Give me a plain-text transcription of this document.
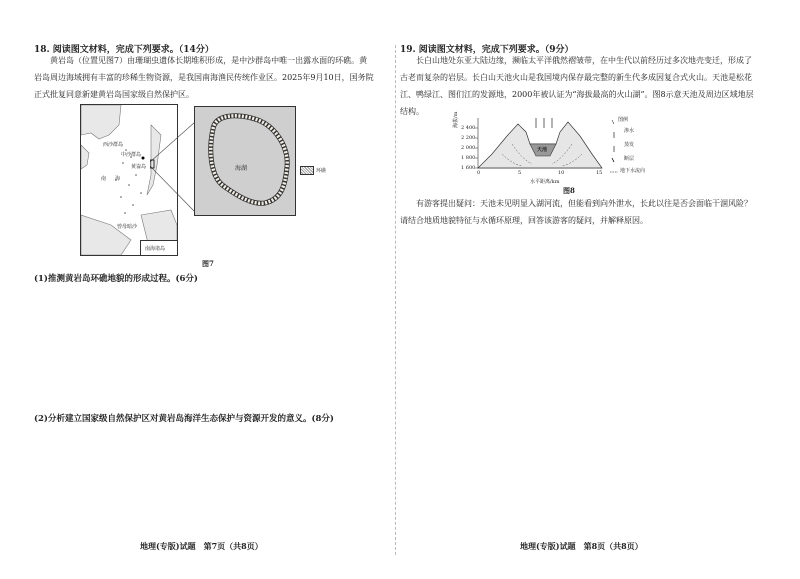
18. 阅读图文材料，完成下列要求。（14分）
黄岩岛（位置见图7）由珊瑚虫遗体长期堆积形成，是中沙群岛中唯一出露水面的环礁。黄岩岛周边海域拥有丰富的珍稀生物资源，是我国南海渔民传统作业区。2025年9月10日，国务院正式批复同意新建黄岩岛国家级自然保护区。
西沙群岛
中沙群岛
黄岩岛
南 海
曾母暗沙
南海诸岛
海湖	环礁
图7
(1)推测黄岩岛环礁地貌的形成过程。(6分)
(2)分析建立国家级自然保护区对黄岩岛海洋生态保护与资源开发的意义。(8分)
19. 阅读图文材料，完成下列要求。（9分）
长白山地处东亚大陆边缘，濒临太平洋俄然褶皱带，在中生代以前经历过多次地壳变迁，形成了古老而复杂的岩层。长白山天池火山是我国境内保存最完整的新生代多成因复合式火山。天池是松花江、鸭绿江、图们江的发源地，2000年被认证为“海拔最高的火山湖”。图8示意天池及周边区域地层结构。
海拔/m 2 400
2 200
2 000
1 800
1 600
0	5	10	15
水平距离/km
天池
图例
渗水
蒸发
断层
地下水流向
图8
有游客提出疑问：天池未见明显入湖河流，但能看到向外泄水，长此以往是否会面临干涸风险？请结合地质地貌特征与水循环原理，回答该游客的疑问，并解释原因。
地理(专版)试题　第7页（共8页）	地理(专版)试题　第8页（共8页）
